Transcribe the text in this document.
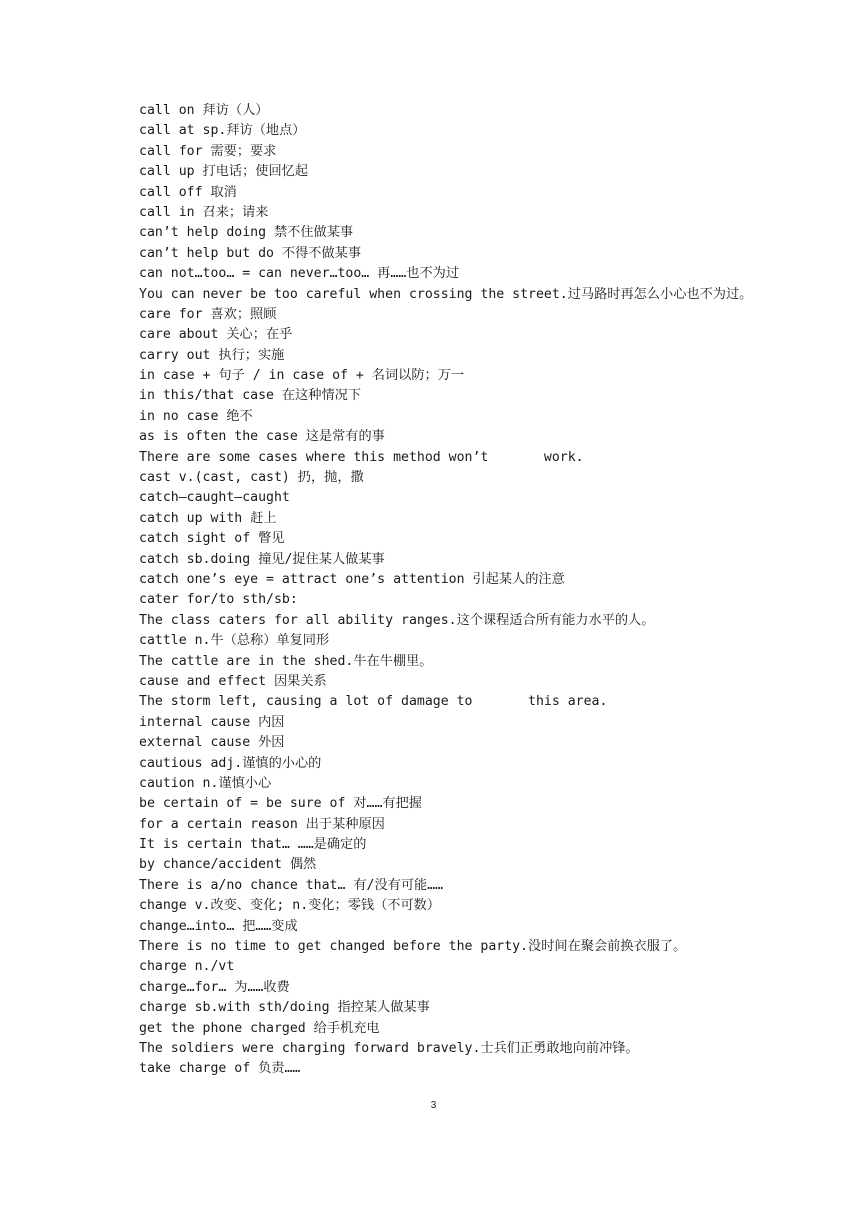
call on 拜访（人）
call at sp.拜访（地点）
call for 需要；要求
call up 打电话；使回忆起
call off 取消
call in 召来；请来
can’t help doing 禁不住做某事
can’t help but do 不得不做某事
can not…too… = can never…too… 再……也不为过
You can never be too careful when crossing the street.过马路时再怎么小心也不为过。
care for 喜欢；照顾
care about 关心；在乎
carry out 执行；实施
in case + 句子 / in case of + 名词以防；万一
in this/that case 在这种情况下
in no case 绝不
as is often the case 这是常有的事
There are some cases where this method won’t       work.
cast v.(cast, cast) 扔，抛，撒
catch—caught—caught
catch up with 赶上
catch sight of 瞥见
catch sb.doing 撞见/捉住某人做某事
catch one’s eye = attract one’s attention 引起某人的注意
cater for/to sth/sb:
The class caters for all ability ranges.这个课程适合所有能力水平的人。
cattle n.牛（总称）单复同形
The cattle are in the shed.牛在牛棚里。
cause and effect 因果关系
The storm left, causing a lot of damage to       this area.
internal cause 内因
external cause 外因
cautious adj.谨慎的小心的
caution n.谨慎小心
be certain of = be sure of 对……有把握
for a certain reason 出于某种原因
It is certain that… ……是确定的
by chance/accident 偶然
There is a/no chance that… 有/没有可能……
change v.改变、变化; n.变化；零钱（不可数）
change…into… 把……变成
There is no time to get changed before the party.没时间在聚会前换衣服了。
charge n./vt
charge…for… 为……收费
charge sb.with sth/doing 指控某人做某事
get the phone charged 给手机充电
The soldiers were charging forward bravely.士兵们正勇敢地向前冲锋。
take charge of 负责……
3
